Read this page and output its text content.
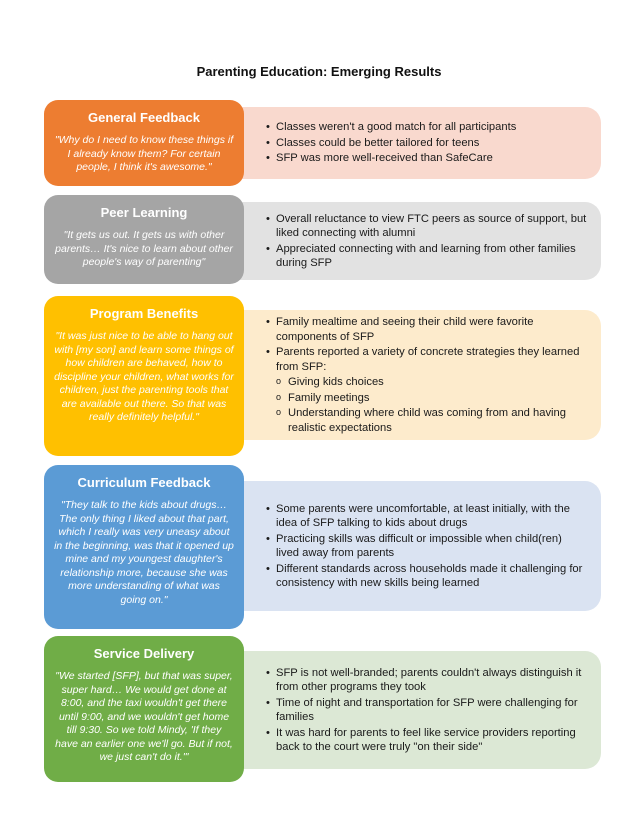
Parenting Education: Emerging Results
General Feedback
"Why do I need to know these things if I already know them? For certain people, I think it's awesome."
• Classes weren't a good match for all participants
• Classes could be better tailored for teens
• SFP was more well-received than SafeCare
Peer Learning
"It gets us out. It gets us with other parents… It's nice to learn about other people's way of parenting"
• Overall reluctance to view FTC peers as source of support, but liked connecting with alumni
• Appreciated connecting with and learning from other families during SFP
Program Benefits
"It was just nice to be able to hang out with [my son] and learn some things of how children are behaved, how to discipline your children, what works for children, just the parenting tools that are available out there. So that was really definitely helpful."
• Family mealtime and seeing their child were favorite components of SFP
• Parents reported a variety of concrete strategies they learned from SFP:
o Giving kids choices
o Family meetings
o Understanding where child was coming from and having realistic expectations
Curriculum Feedback
"They talk to the kids about drugs… The only thing I liked about that part, which I really was very uneasy about in the beginning, was that it opened up mine and my youngest daughter's relationship more, because she was more understanding of what was going on."
• Some parents were uncomfortable, at least initially, with the idea of SFP talking to kids about drugs
• Practicing skills was difficult or impossible when child(ren) lived away from parents
• Different standards across households made it challenging for consistency with new skills being learned
Service Delivery
"We started [SFP], but that was super, super hard… We would get done at 8:00, and the taxi wouldn't get there until 9:00, and we wouldn't get home till 9:30. So we told Mindy, 'If they have an earlier one we'll go. But if not, we just can't do it.'"
• SFP is not well-branded; parents couldn't always distinguish it from other programs they took
• Time of night and transportation for SFP were challenging for families
• It was hard for parents to feel like service providers reporting back to the court were truly "on their side"
